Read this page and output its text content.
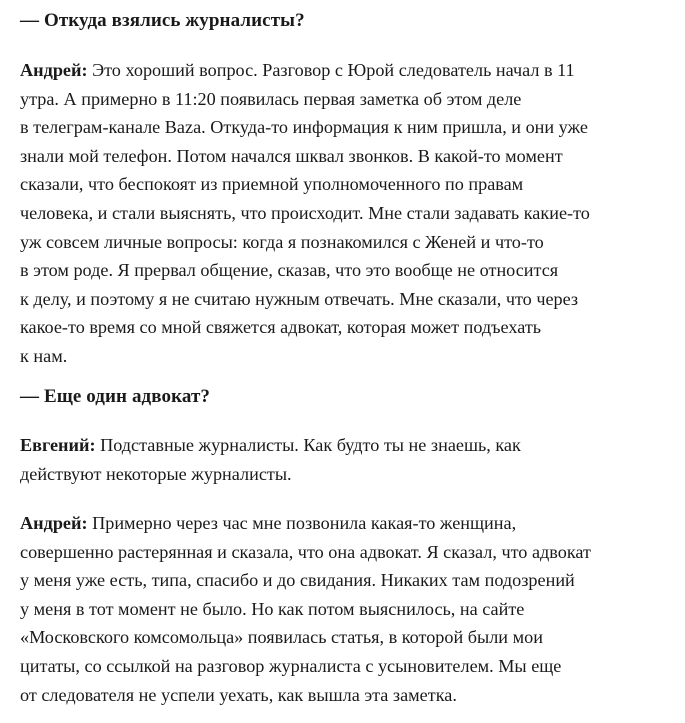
— Откуда взялись журналисты?

Андрей: Это хороший вопрос. Разговор с Юрой следователь начал в 11
утра. А примерно в 11:20 появилась первая заметка об этом деле
в телеграм-канале Baza. Откуда-то информация к ним пришла, и они уже
знали мой телефон. Потом начался шквал звонков. В какой-то момент
сказали, что беспокоят из приемной уполномоченного по правам
человека, и стали выяснять, что происходит. Мне стали задавать какие-то
уж совсем личные вопросы: когда я познакомился с Женей и что-то
в этом роде. Я прервал общение, сказав, что это вообще не относится
к делу, и поэтому я не считаю нужным отвечать. Мне сказали, что через
какое-то время со мной свяжется адвокат, которая может подъехать
к нам.

— Еще один адвокат?

Евгений: Подставные журналисты. Как будто ты не знаешь, как
действуют некоторые журналисты.

Андрей: Примерно через час мне позвонила какая-то женщина,
совершенно растерянная и сказала, что она адвокат. Я сказал, что адвокат
у меня уже есть, типа, спасибо и до свидания. Никаких там подозрений
у меня в тот момент не было. Но как потом выяснилось, на сайте
«Московского комсомольца» появилась статья, в которой были мои
цитаты, со ссылкой на разговор журналиста с усыновителем. Мы еще
от следователя не успели уехать, как вышла эта заметка.
